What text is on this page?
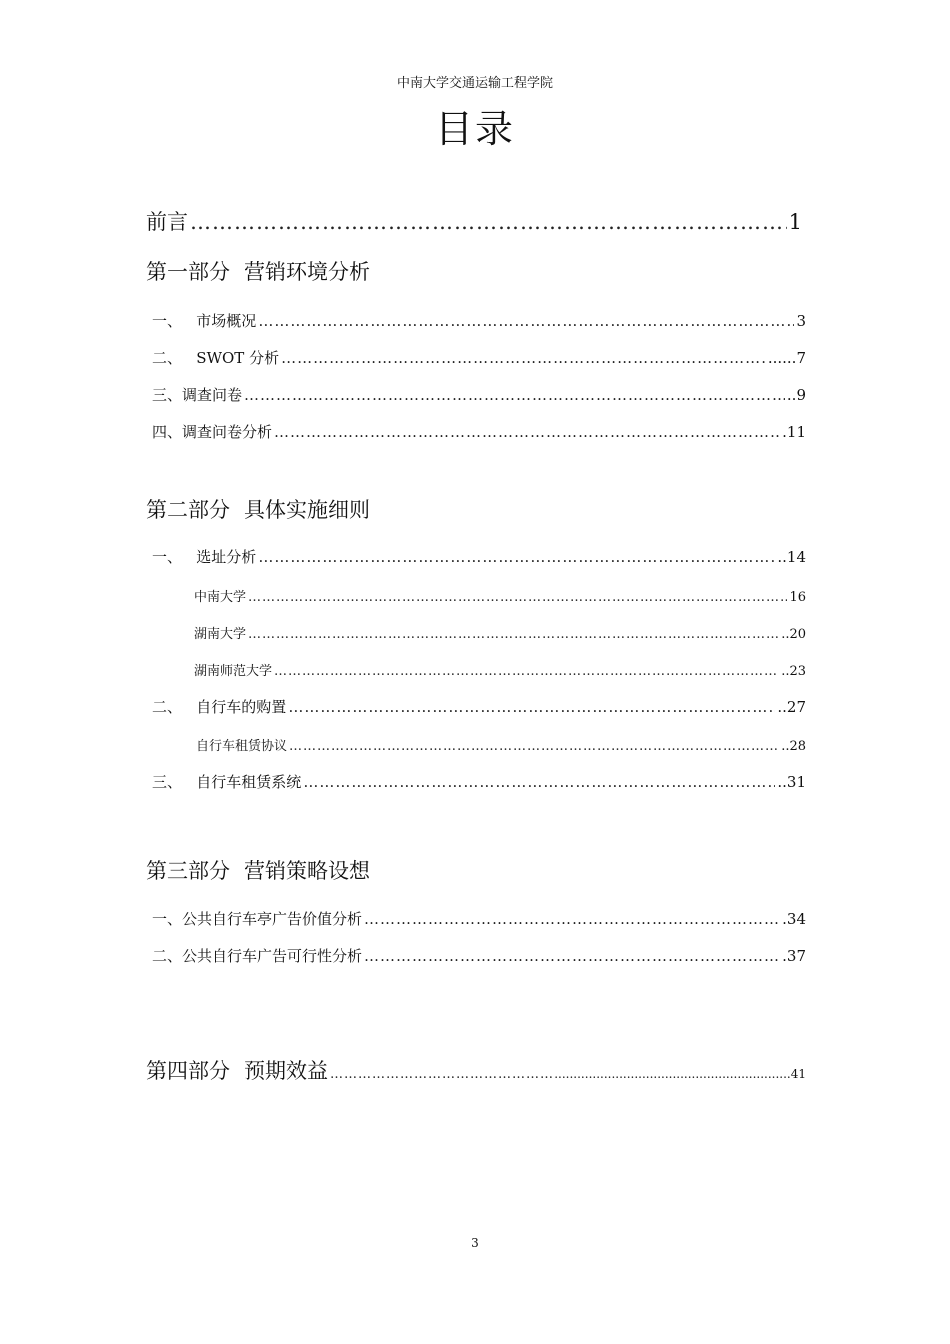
中南大学交通运输工程学院
目录
前言 ……………………………………………………………………………………………………………………………………………………………………………………………………	1
第一部分 营销环境分析
一、   市场概况 ……………………………………………………………………………………………………………………………………………………………………………………………………	3
二、   SWOT 分析 ……………………………………………………………………………………………………………………………………………………………………………………………………	......7
三、调查问卷 ……………………………………………………………………………………………………………………………………………………………………………………………………	..9
四、调查问卷分析 ……………………………………………………………………………………………………………………………………………………………………………………………………	.11
第二部分 具体实施细则
一、   选址分析 ……………………………………………………………………………………………………………………………………………………………………………………………………	..14
中南大学 ……………………………………………………………………………………………………………………………………………………………………………………………………	16
湖南大学 ……………………………………………………………………………………………………………………………………………………………………………………………………	..20
湖南师范大学 ……………………………………………………………………………………………………………………………………………………………………………………………………	..23
二、   自行车的购置 ……………………………………………………………………………………………………………………………………………………………………………………………………	..27
自行车租赁协议 ……………………………………………………………………………………………………………………………………………………………………………………………………	..28
三、   自行车租赁系统 ……………………………………………………………………………………………………………………………………………………………………………………………………	..31
第三部分 营销策略设想
一、公共自行车亭广告价值分析 ……………………………………………………………………………………………………………………………………………………………………………………………………	.34
二、公共自行车广告可行性分析 ……………………………………………………………………………………………………………………………………………………………………………………………………	.37
第四部分 预期效益 ……………………………………………………………………………………………………………………………………………………………………………………………………	..............................................................41
3
